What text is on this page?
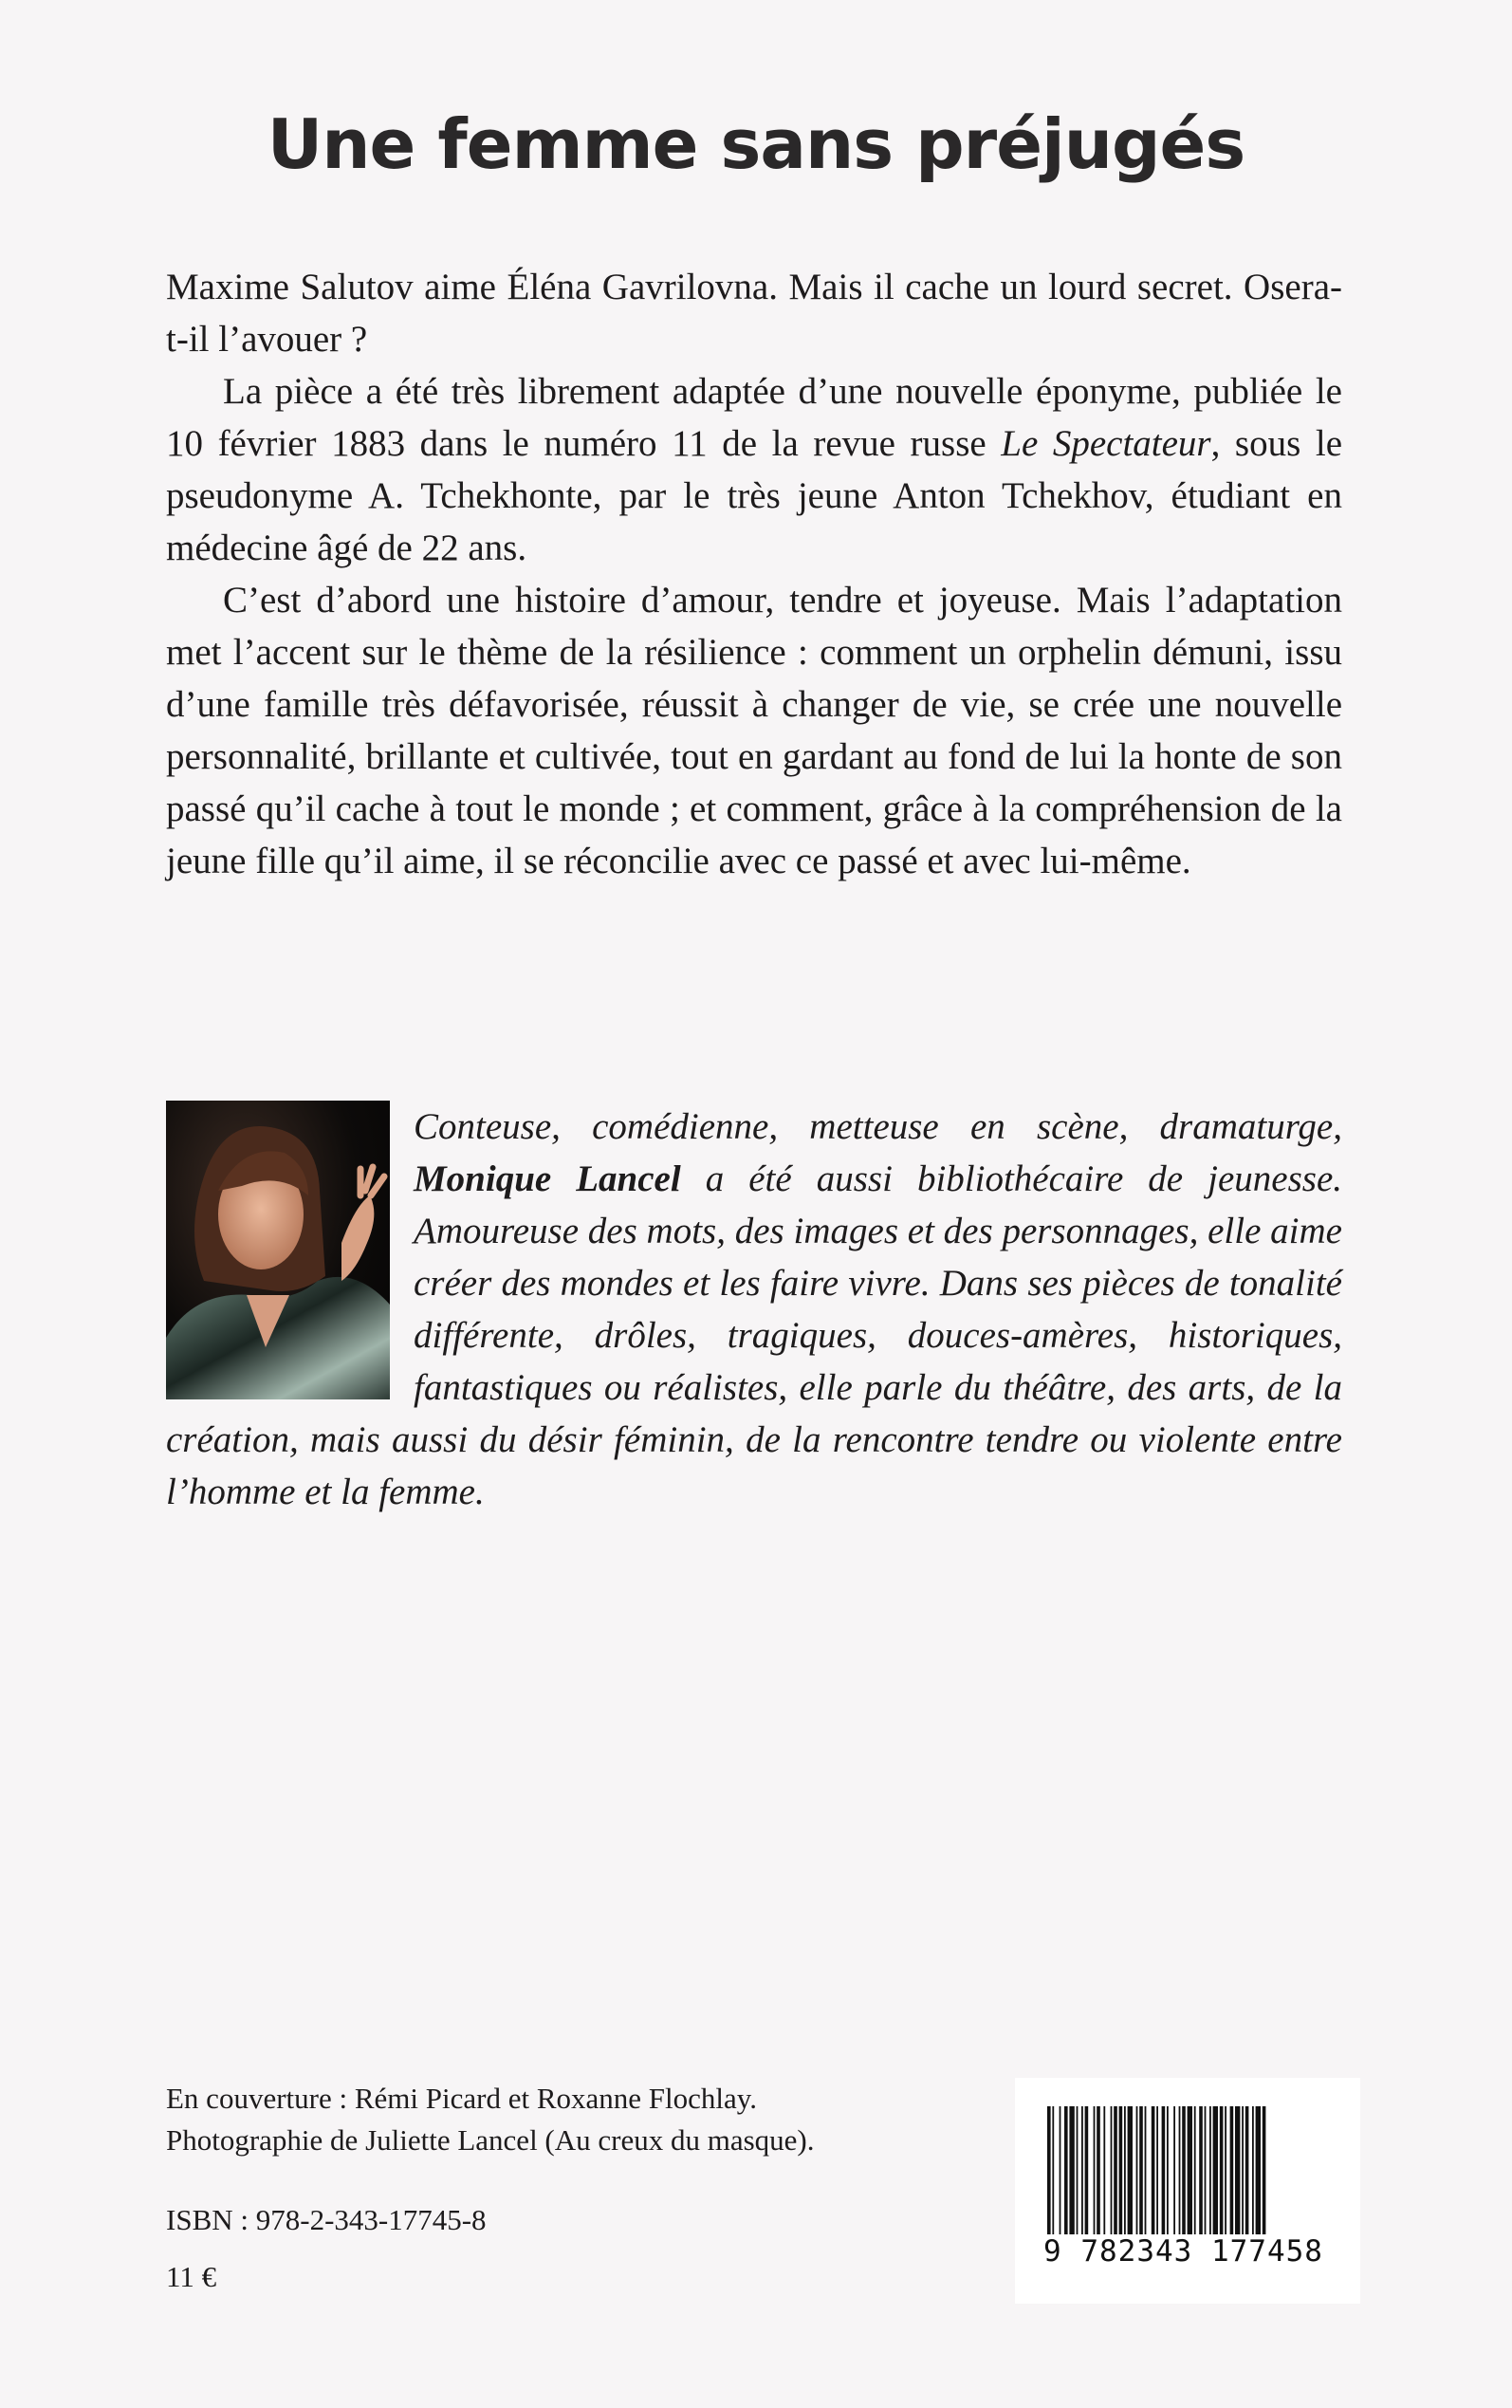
Une femme sans préjugés

Maxime Salutov aime Éléna Gavrilovna. Mais il cache un lourd secret. Osera-t-il l’avouer ?

La pièce a été très librement adaptée d’une nouvelle éponyme, publiée le 10 février 1883 dans le numéro 11 de la revue russe Le Spectateur, sous le pseudonyme A. Tchekhonte, par le très jeune Anton Tchekhov, étudiant en médecine âgé de 22 ans.

C’est d’abord une histoire d’amour, tendre et joyeuse. Mais l’adaptation met l’accent sur le thème de la résilience : comment un orphelin démuni, issu d’une famille très défavorisée, réussit à changer de vie, se crée une nouvelle personnalité, brillante et cultivée, tout en gardant au fond de lui la honte de son passé qu’il cache à tout le monde ; et comment, grâce à la compréhension de la jeune fille qu’il aime, il se réconcilie avec ce passé et avec lui-même.

Conteuse, comédienne, metteuse en scène, dramaturge, Monique Lancel a été aussi bibliothécaire de jeunesse. Amoureuse des mots, des images et des personnages, elle aime créer des mondes et les faire vivre. Dans ses pièces de tonalité différente, drôles, tragiques, douces-amères, historiques, fantastiques ou réalistes, elle parle du théâtre, des arts, de la création, mais aussi du désir féminin, de la rencontre tendre ou violente entre l’homme et la femme.

En couverture : Rémi Picard et Roxanne Flochlay.

Photographie de Juliette Lancel (Au creux du masque).

ISBN : 978-2-343-17745-8

11 €

9 782343 177458
